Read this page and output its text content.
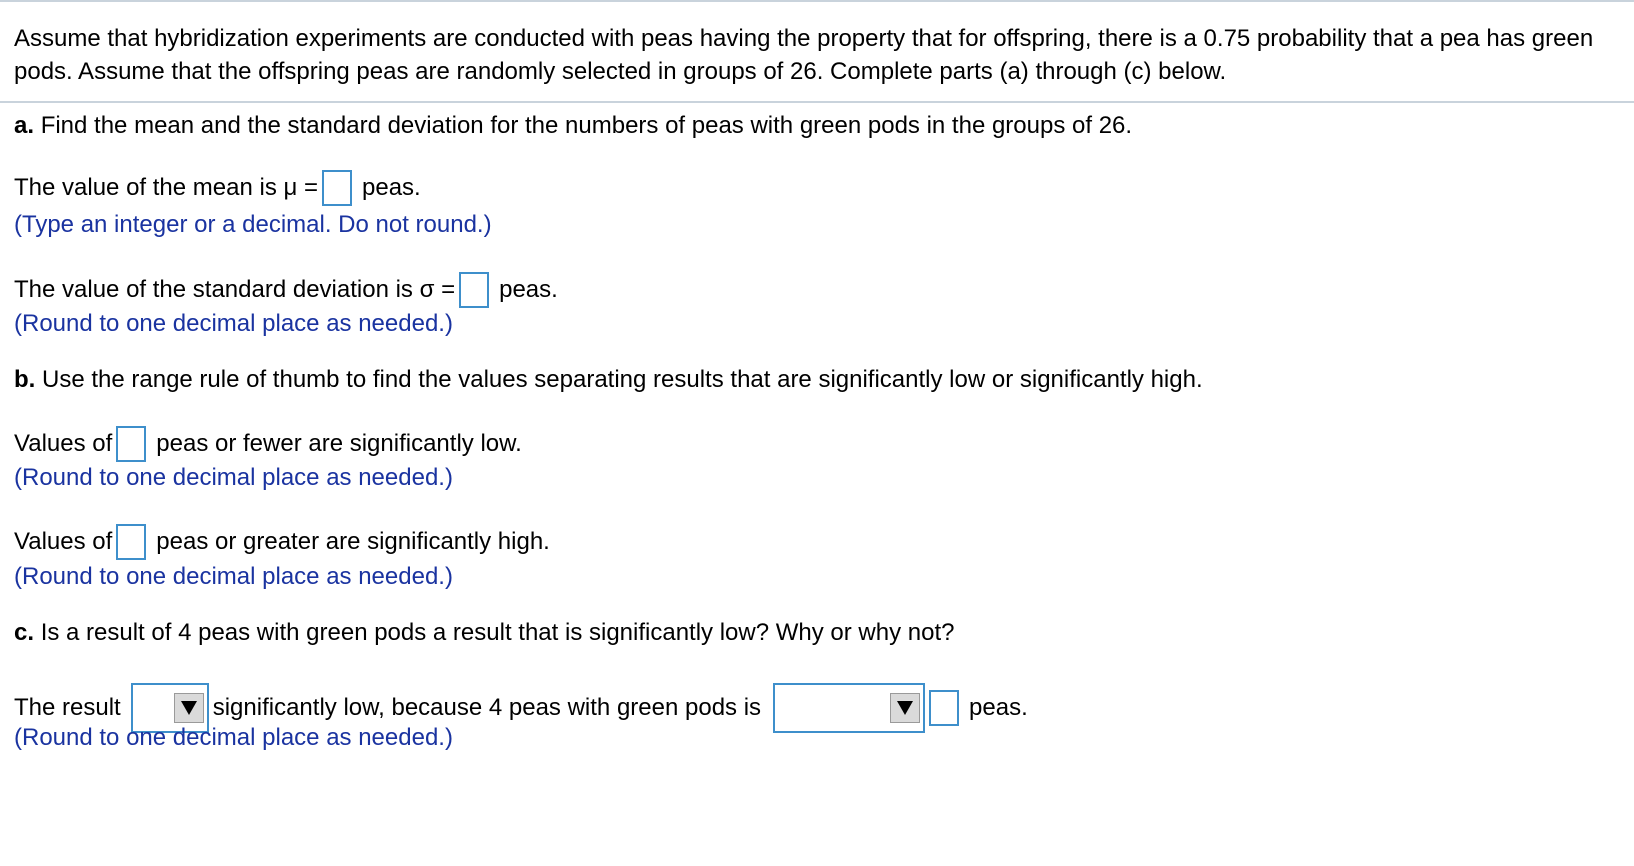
Assume that hybridization experiments are conducted with peas having the property that for offspring, there is a 0.75 probability that a pea has green pods. Assume that the offspring peas are randomly selected in groups of 26. Complete parts (a) through (c) below.
a.
Find the mean and the standard deviation for the numbers of peas with green pods in the groups of 26.
The value of the mean is μ = peas.
(Type an integer or a decimal. Do not round.)
The value of the standard deviation is σ = peas.
(Round to one decimal place as needed.)
b.
Use the range rule of thumb to find the values separating results that are significantly low or significantly high.
Values of peas or fewer are significantly low.
(Round to one decimal place as needed.)
Values of peas or greater are significantly high.
(Round to one decimal place as needed.)
c.
Is a result of 4 peas with green pods a result that is significantly low? Why or why not?
The result	significantly low, because 4 peas with green pods is	peas.
(Round to one decimal place as needed.)
